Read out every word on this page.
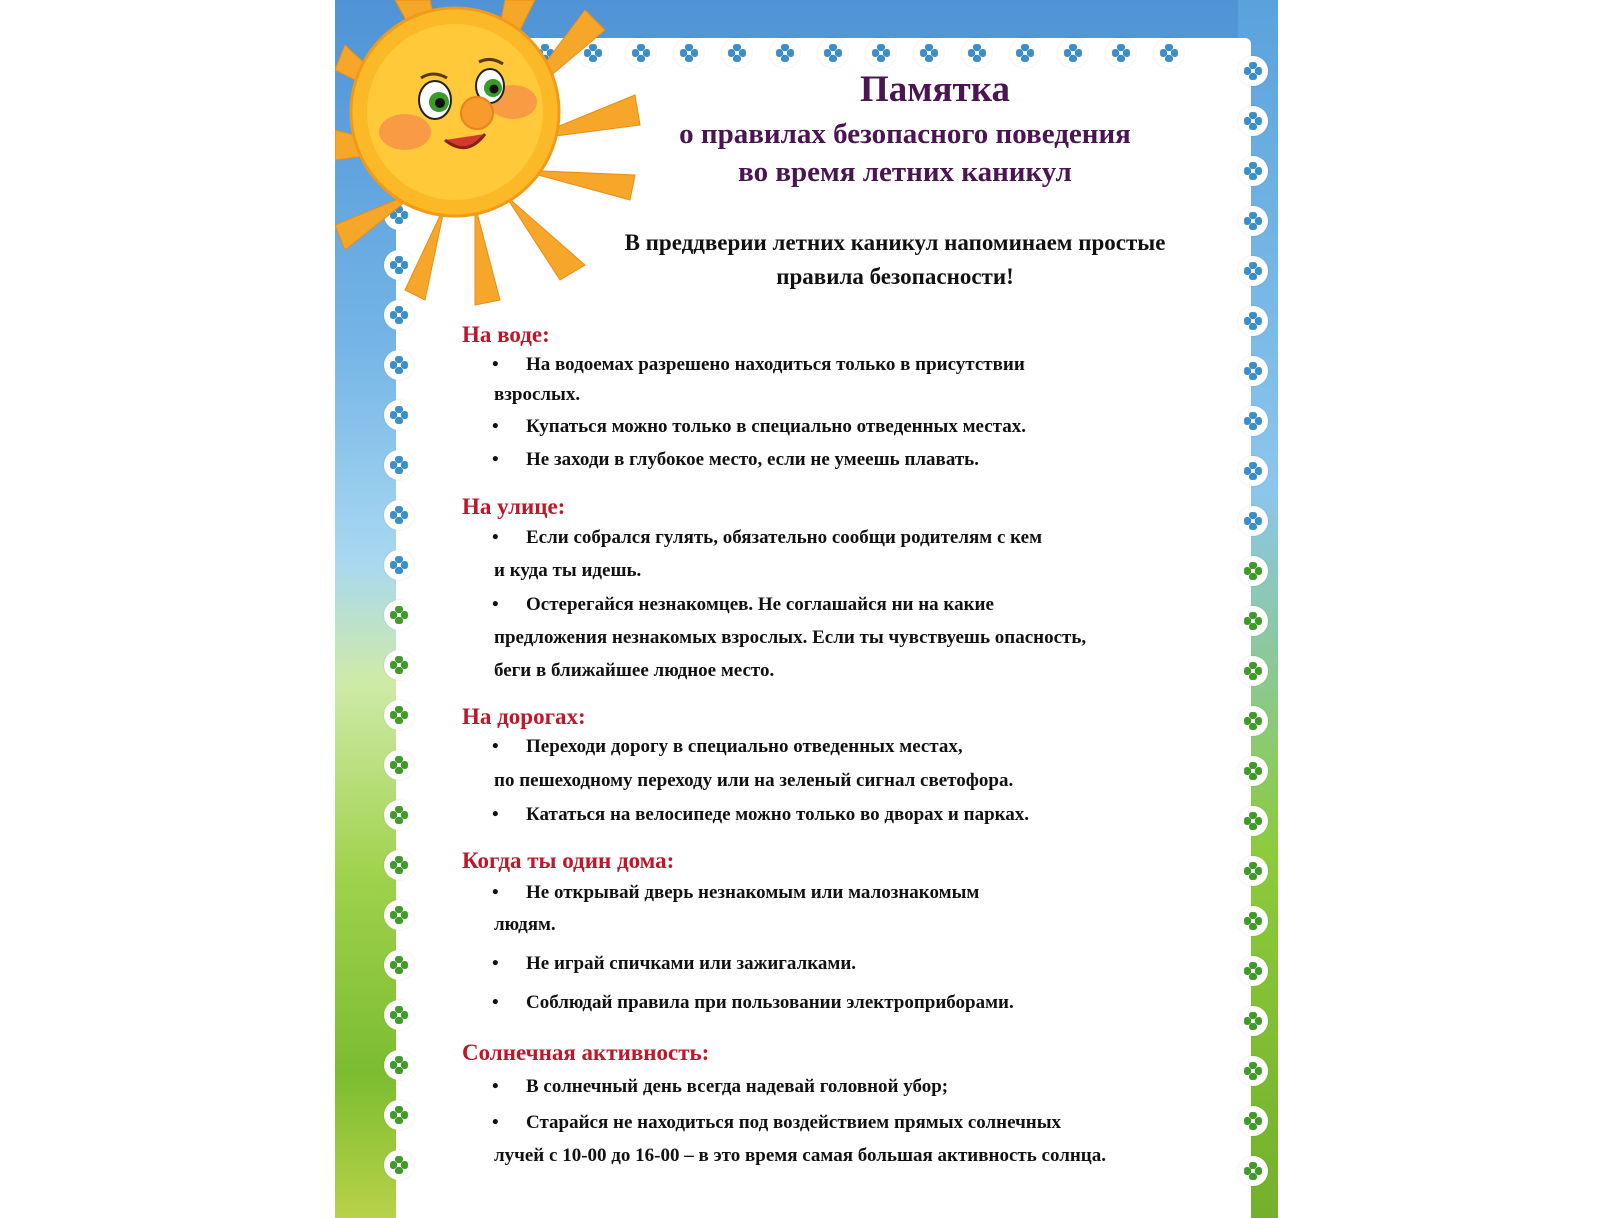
Памятка
о правилах безопасного поведения
во время летних каникул
В преддверии летних каникул напоминаем простые
правила безопасности!
На воде:
• На водоемах разрешено находиться только в присутствии
взрослых.
• Купаться можно только в специально отведенных местах.
• Не заходи в глубокое место, если не умеешь плавать.
На улице:
• Если собрался гулять, обязательно сообщи родителям с кем
и куда ты идешь.
• Остерегайся незнакомцев. Не соглашайся ни на какие
предложения незнакомых взрослых. Если ты чувствуешь опасность,
беги в ближайшее людное место.
На дорогах:
• Переходи дорогу в специально отведенных местах,
по пешеходному переходу или на зеленый сигнал светофора.
• Кататься на велосипеде можно только во дворах и парках.
Когда ты один дома:
• Не открывай дверь незнакомым или малознакомым
людям.
• Не играй спичками или зажигалками.
• Соблюдай правила при пользовании электроприборами.
Солнечная активность:
• В солнечный день всегда надевай головной убор;
• Старайся не находиться под воздействием прямых солнечных
лучей с 10-00 до 16-00 – в это время самая большая активность солнца.
